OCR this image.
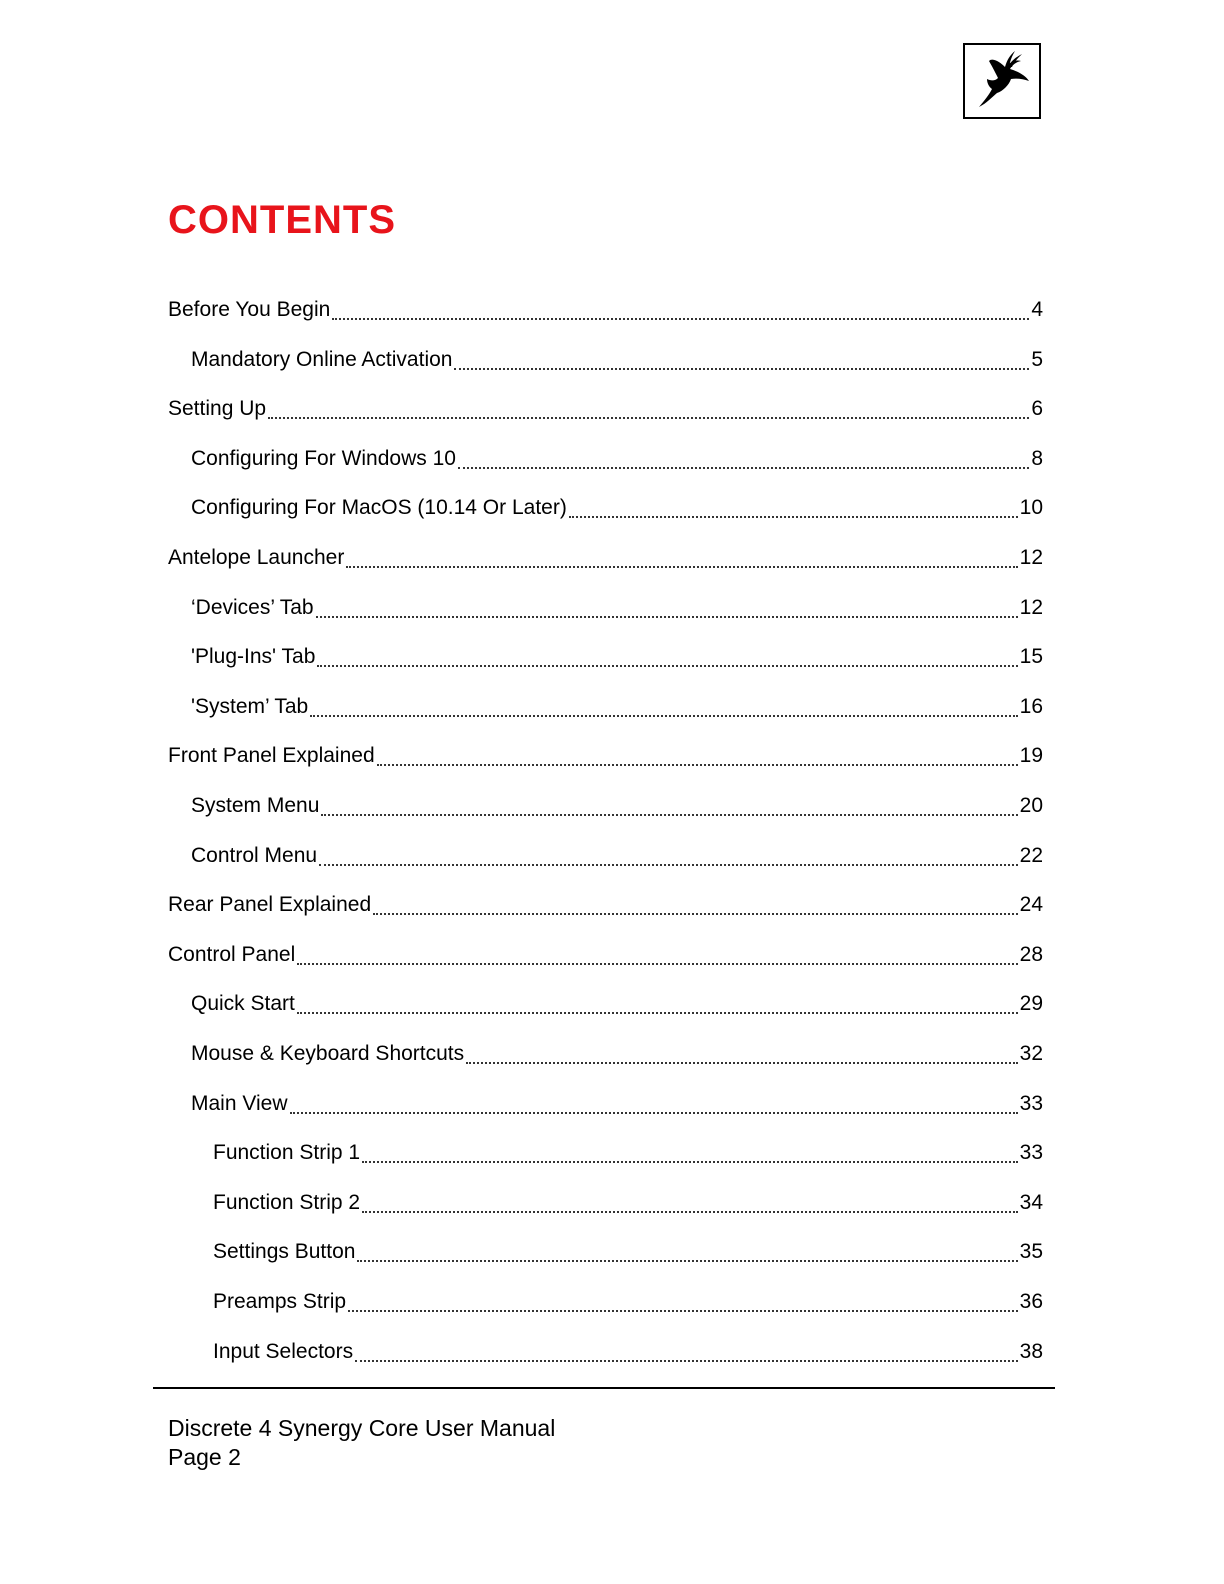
CONTENTS
Before You Begin	4
Mandatory Online Activation	5
Setting Up	6
Configuring For Windows 10	8
Configuring For MacOS (10.14 Or Later)	10
Antelope Launcher	12
‘Devices’ Tab	12
'Plug-Ins' Tab	15
'System’ Tab	16
Front Panel Explained	19
System Menu	20
Control Menu	22
Rear Panel Explained	24
Control Panel	28
Quick Start	29
Mouse & Keyboard Shortcuts	32
Main View	33
Function Strip 1	33
Function Strip 2	34
Settings Button	35
Preamps Strip	36
Input Selectors	38
Discrete 4 Synergy Core User Manual
Page 2
